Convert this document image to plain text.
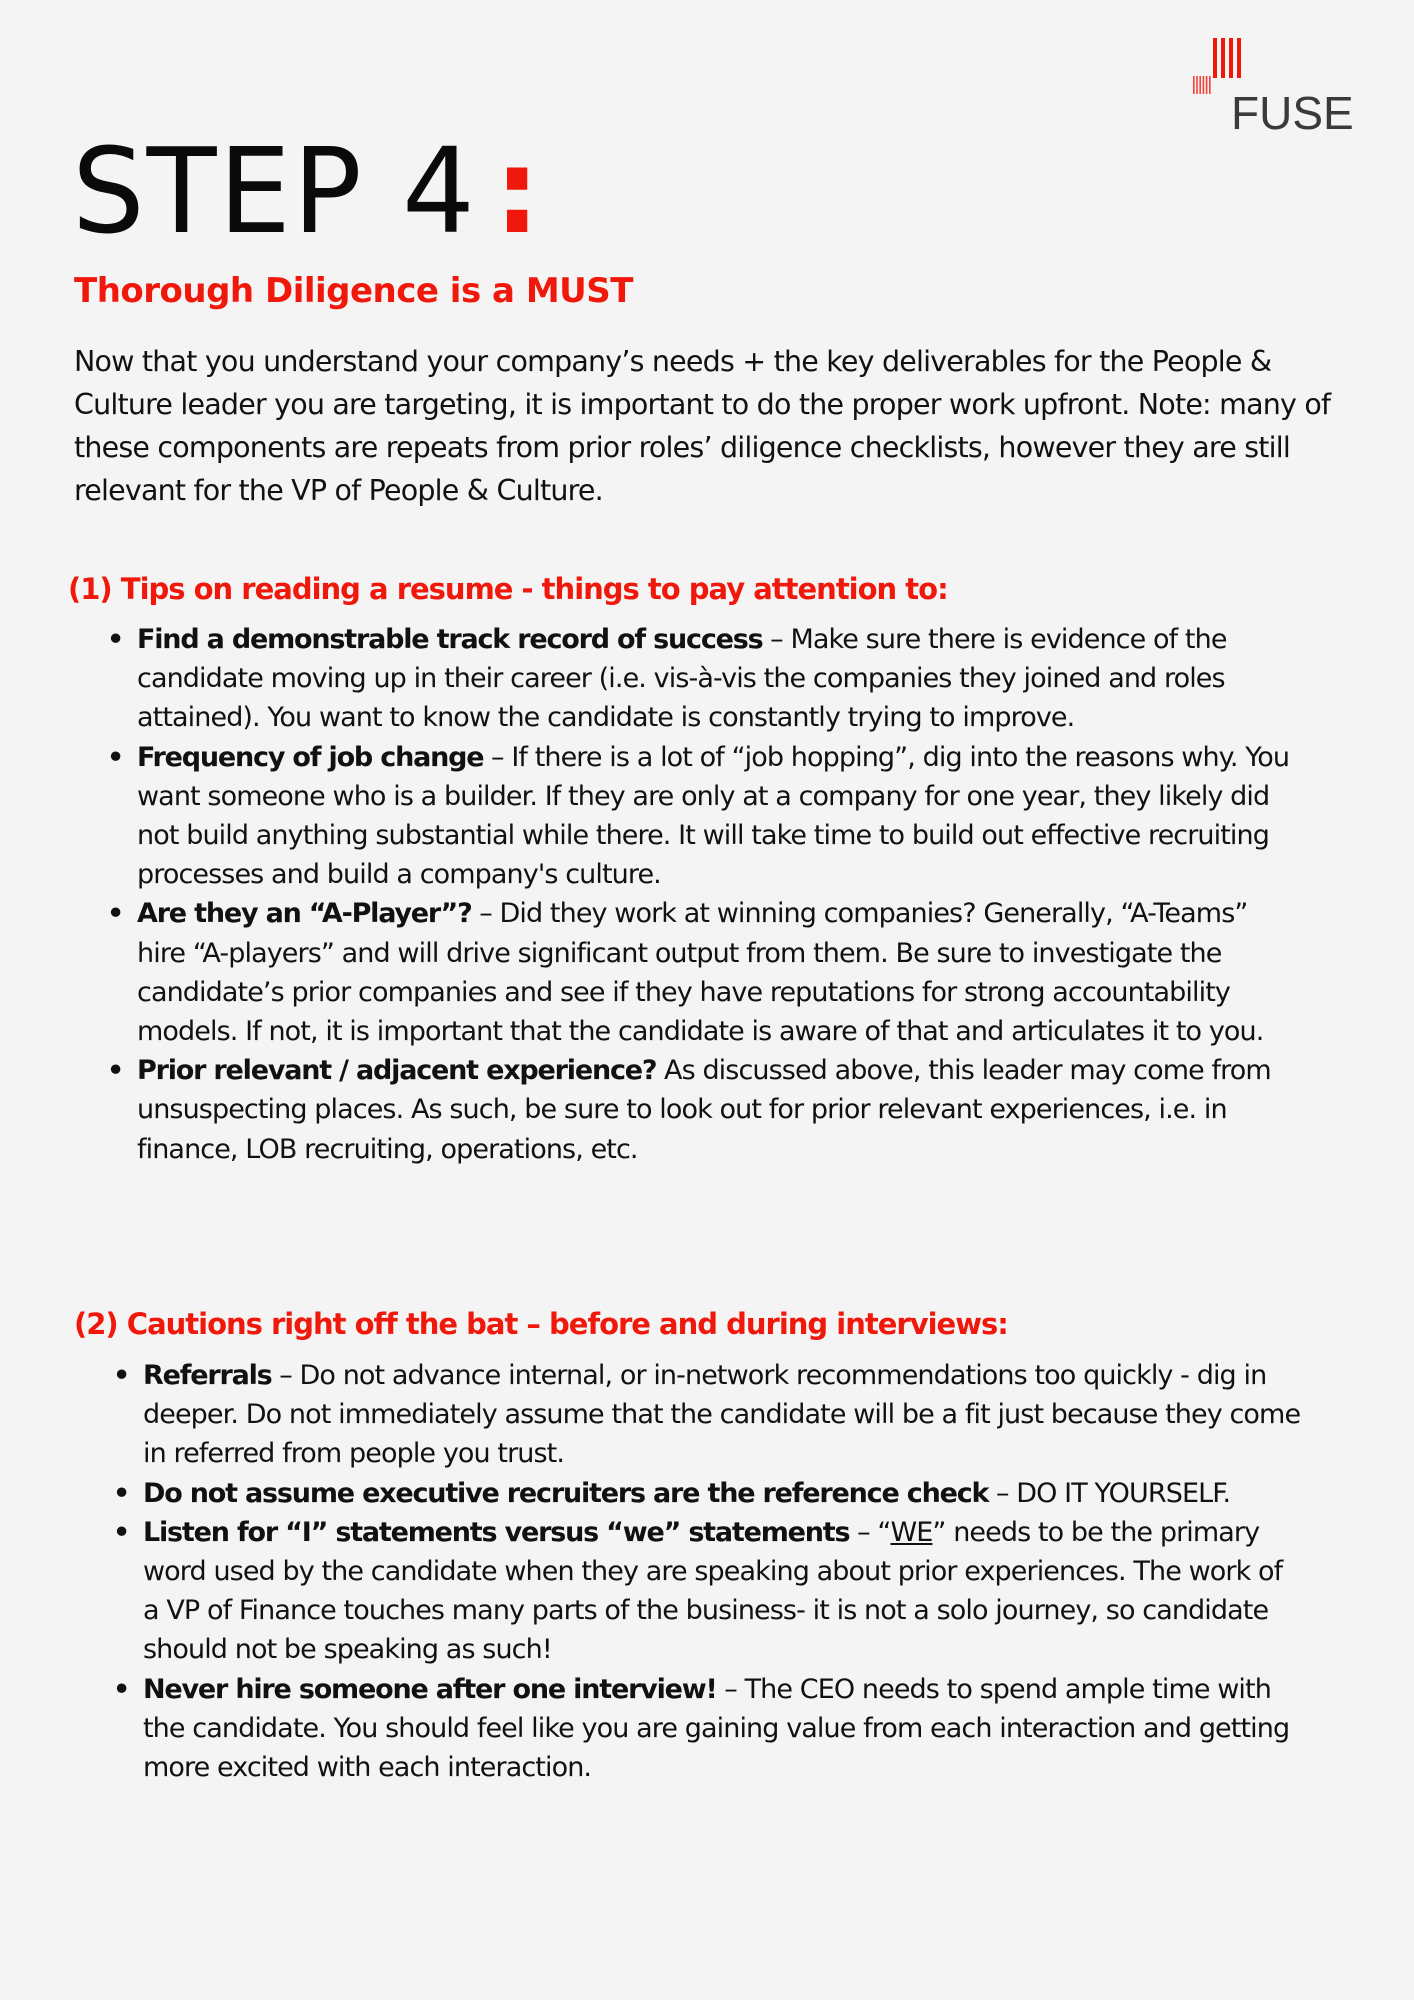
FUSE
STEP 4 :
Thorough Diligence is a MUST

Now that you understand your company’s needs + the key deliverables for the People & Culture leader you are targeting, it is important to do the proper work upfront. Note: many of these components are repeats from prior roles’ diligence checklists, however they are still relevant for the VP of People & Culture.

(1) Tips on reading a resume - things to pay attention to:
• Find a demonstrable track record of success – Make sure there is evidence of the candidate moving up in their career (i.e. vis-à-vis the companies they joined and roles attained). You want to know the candidate is constantly trying to improve.
• Frequency of job change – If there is a lot of “job hopping”, dig into the reasons why. You want someone who is a builder. If they are only at a company for one year, they likely did not build anything substantial while there. It will take time to build out effective recruiting processes and build a company's culture.
• Are they an “A-Player”? – Did they work at winning companies? Generally, “A-Teams” hire “A-players” and will drive significant output from them. Be sure to investigate the candidate’s prior companies and see if they have reputations for strong accountability models. If not, it is important that the candidate is aware of that and articulates it to you.
• Prior relevant / adjacent experience? As discussed above, this leader may come from unsuspecting places. As such, be sure to look out for prior relevant experiences, i.e. in finance, LOB recruiting, operations, etc.
(2) Cautions right off the bat – before and during interviews:
• Referrals – Do not advance internal, or in-network recommendations too quickly - dig in deeper. Do not immediately assume that the candidate will be a fit just because they come in referred from people you trust.
• Do not assume executive recruiters are the reference check – DO IT YOURSELF.
• Listen for “I” statements versus “we” statements – “WE” needs to be the primary word used by the candidate when they are speaking about prior experiences. The work of a VP of Finance touches many parts of the business- it is not a solo journey, so candidate should not be speaking as such!
• Never hire someone after one interview! – The CEO needs to spend ample time with the candidate. You should feel like you are gaining value from each interaction and getting more excited with each interaction.
